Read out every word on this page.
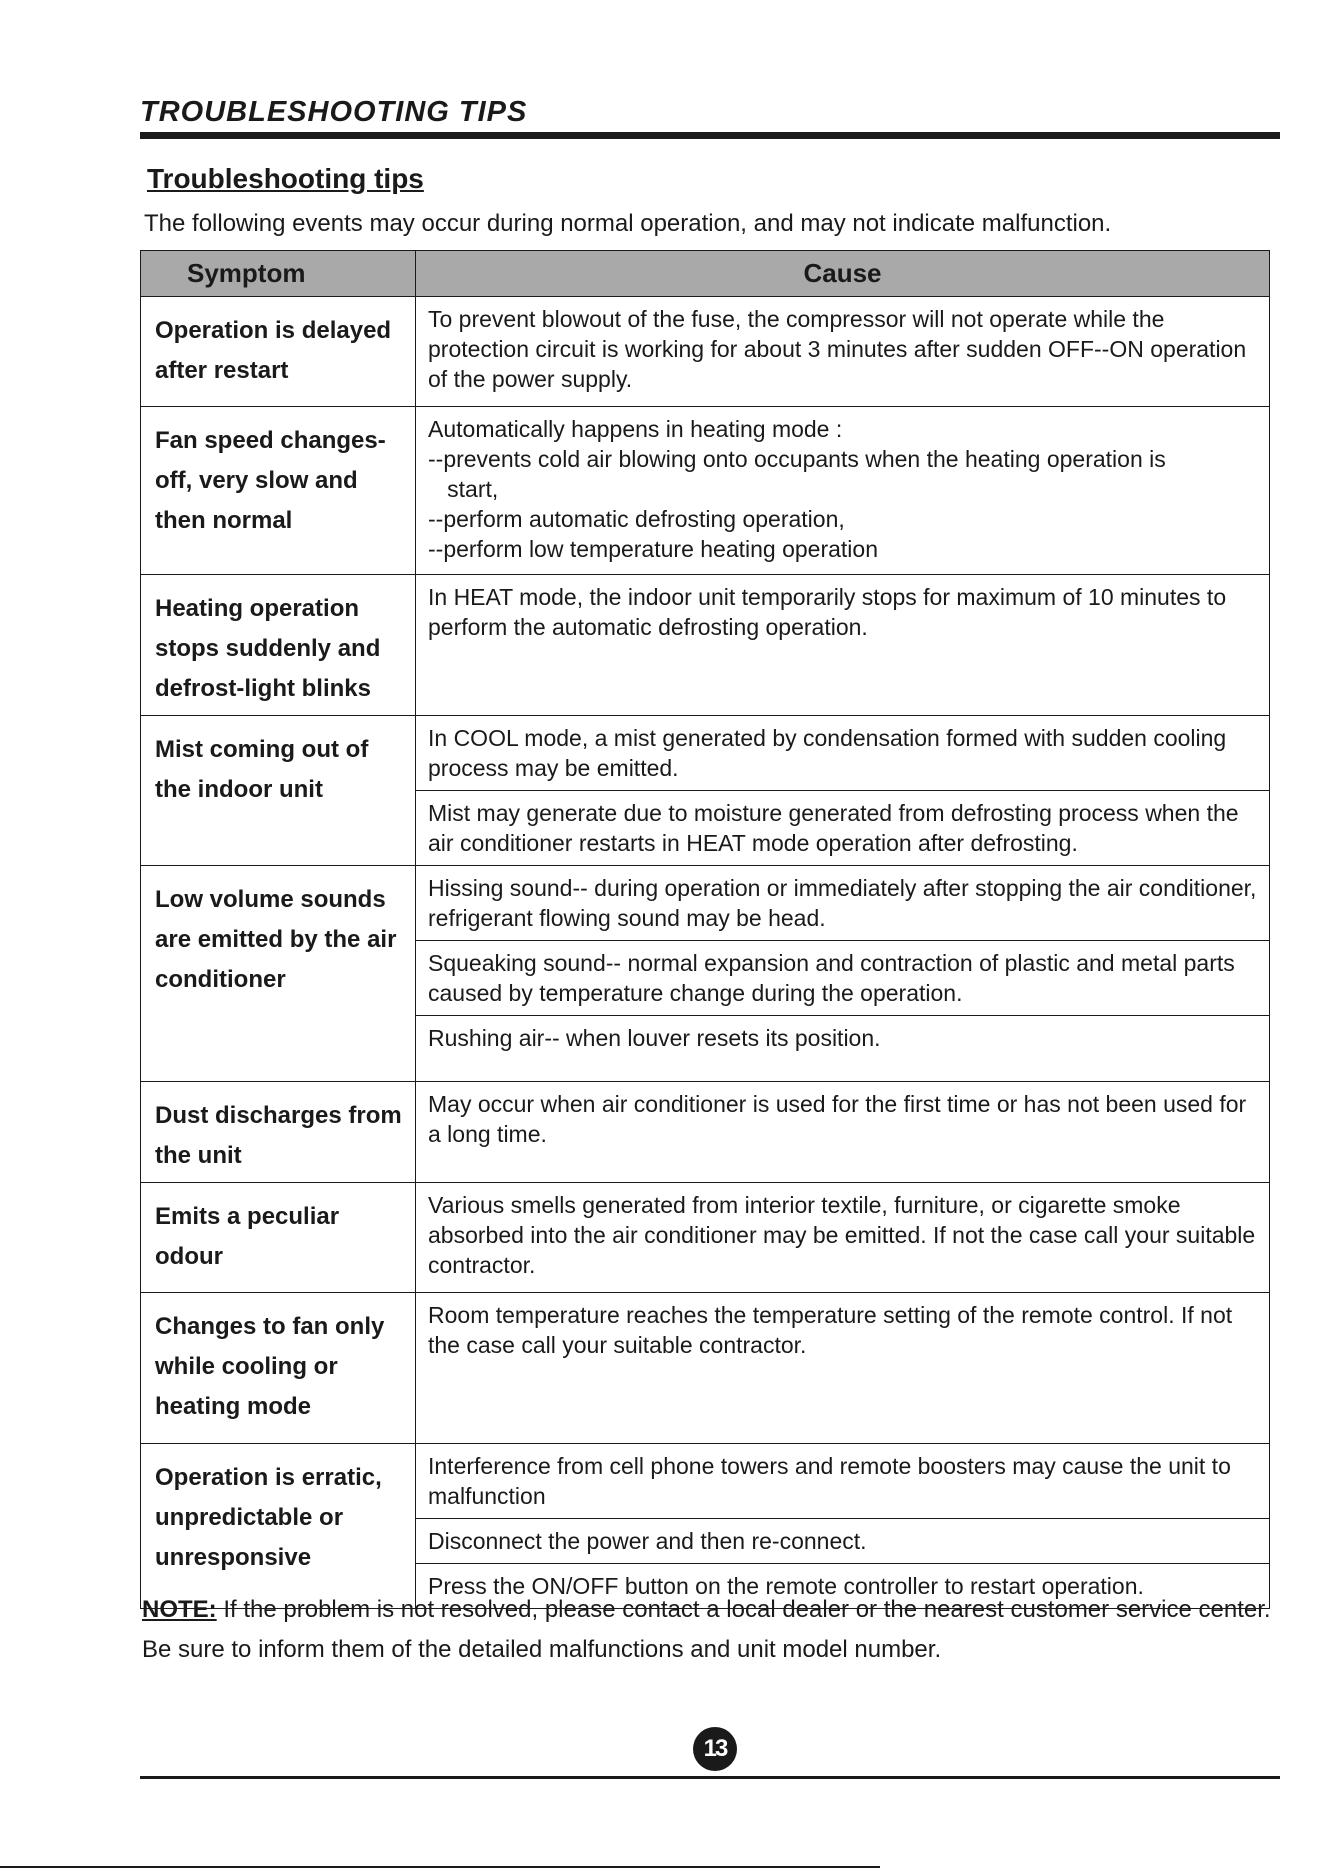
TROUBLESHOOTING TIPS
Troubleshooting tips

The following events may occur during normal operation, and may not indicate malfunction.

Symptom	Cause
Operation is delayed after restart	To prevent blowout of the fuse, the compressor will not operate while the protection circuit is working for about 3 minutes after sudden OFF--ON operation of the power supply.

Fan speed changes- off, very slow and then normal	Automatically happens in heating mode :
--prevents cold air blowing onto occupants when the heating operation is
start,
--perform automatic defrosting operation,
--perform low temperature heating operation

Heating operation stops suddenly and defrost-light blinks	In HEAT mode, the indoor unit temporarily stops for maximum of 10 minutes to perform the automatic defrosting operation.

Mist coming out of the indoor unit	In COOL mode, a mist generated by condensation formed with sudden cooling process may be emitted.
Mist may generate due to moisture generated from defrosting process when the air conditioner restarts in HEAT mode operation after defrosting.

Low volume sounds are emitted by the air conditioner	Hissing sound-- during operation or immediately after stopping the air conditioner, refrigerant flowing sound may be head.
Squeaking sound-- normal expansion and contraction of plastic and metal parts caused by temperature change during the operation.
Rushing air-- when louver resets its position.

Dust discharges from the unit	May occur when air conditioner is used for the first time or has not been used for a long time.

Emits a peculiar odour	Various smells generated from interior textile, furniture, or cigarette smoke absorbed into the air conditioner may be emitted. If not the case call your suitable contractor.

Changes to fan only while cooling or heating mode	Room temperature reaches the temperature setting of the remote control. If not the case call your suitable contractor.

Operation is erratic, unpredictable or unresponsive	Interference from cell phone towers and remote boosters may cause the unit to malfunction
Disconnect the power and then re-connect.
Press the ON/OFF button on the remote controller to restart operation.

NOTE: If the problem is not resolved, please contact a local dealer or the nearest customer service center. Be sure to inform them of the detailed malfunctions and unit model number.

13
